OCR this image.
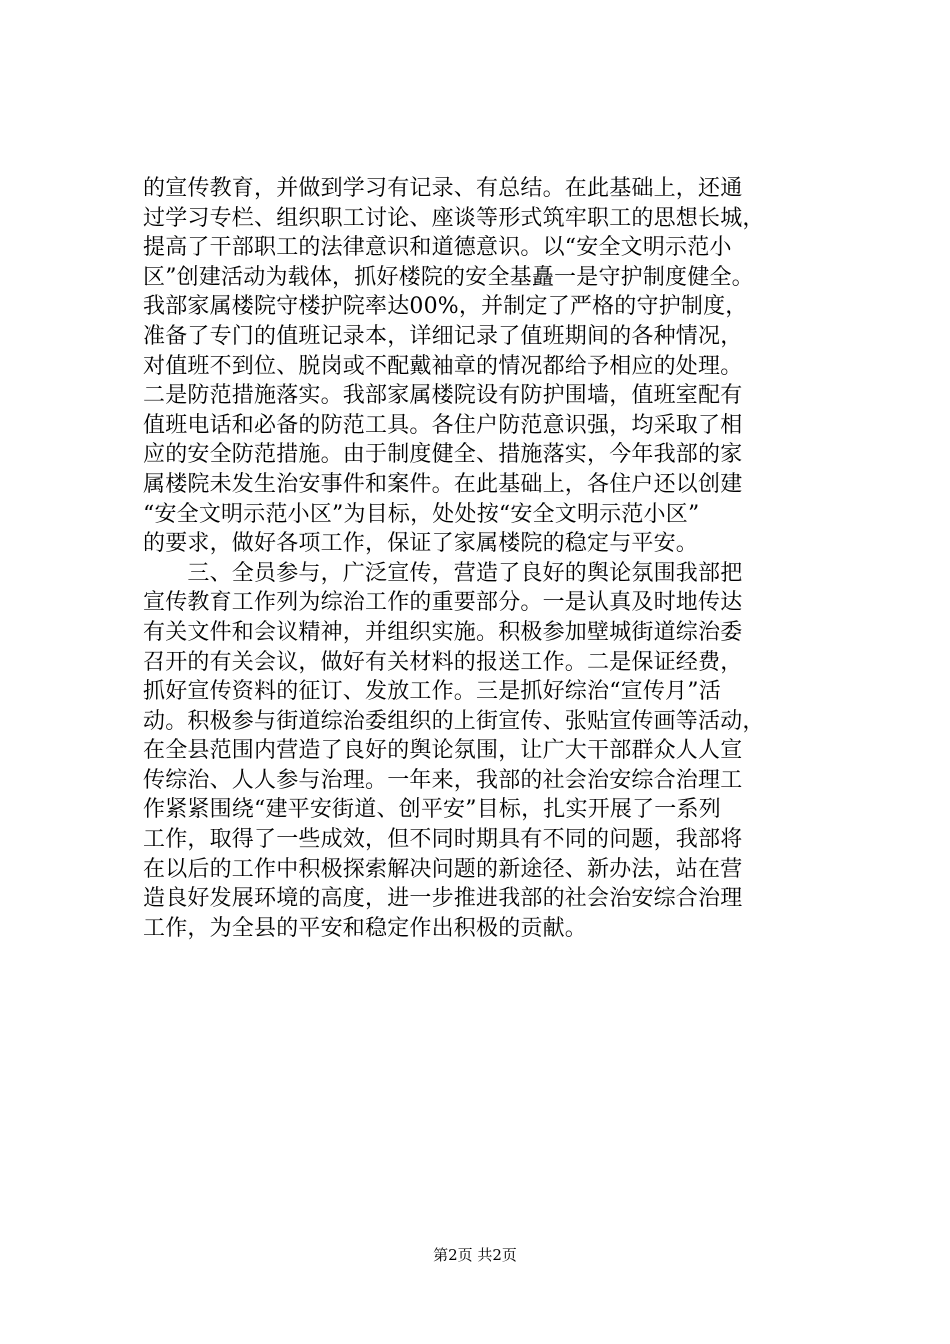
的宣传教育，并做到学习有记录、有总结。在此基础上，还通
过学习专栏、组织职工讨论、座谈等形式筑牢职工的思想长城，
提高了干部职工的法律意识和道德意识。以“安全文明示范小
区”创建活动为载体，抓好楼院的安全基矗一是守护制度健全。
我部家属楼院守楼护院率达00%，并制定了严格的守护制度，
准备了专门的值班记录本，详细记录了值班期间的各种情况，
对值班不到位、脱岗或不配戴袖章的情况都给予相应的处理。
二是防范措施落实。我部家属楼院设有防护围墙，值班室配有
值班电话和必备的防范工具。各住户防范意识强，均采取了相
应的安全防范措施。由于制度健全、措施落实，今年我部的家
属楼院未发生治安事件和案件。在此基础上，各住户还以创建
“安全文明示范小区”为目标，处处按“安全文明示范小区”
的要求，做好各项工作，保证了家属楼院的稳定与平安。
　　三、全员参与，广泛宣传，营造了良好的舆论氛围我部把
宣传教育工作列为综治工作的重要部分。一是认真及时地传达
有关文件和会议精神，并组织实施。积极参加壁城街道综治委
召开的有关会议，做好有关材料的报送工作。二是保证经费，
抓好宣传资料的征订、发放工作。三是抓好综治“宣传月”活
动。积极参与街道综治委组织的上街宣传、张贴宣传画等活动，
在全县范围内营造了良好的舆论氛围，让广大干部群众人人宣
传综治、人人参与治理。一年来，我部的社会治安综合治理工
作紧紧围绕“建平安街道、创平安”目标，扎实开展了一系列
工作，取得了一些成效，但不同时期具有不同的问题，我部将
在以后的工作中积极探索解决问题的新途径、新办法，站在营
造良好发展环境的高度，进一步推进我部的社会治安综合治理
工作，为全县的平安和稳定作出积极的贡献。
第2页 共2页
